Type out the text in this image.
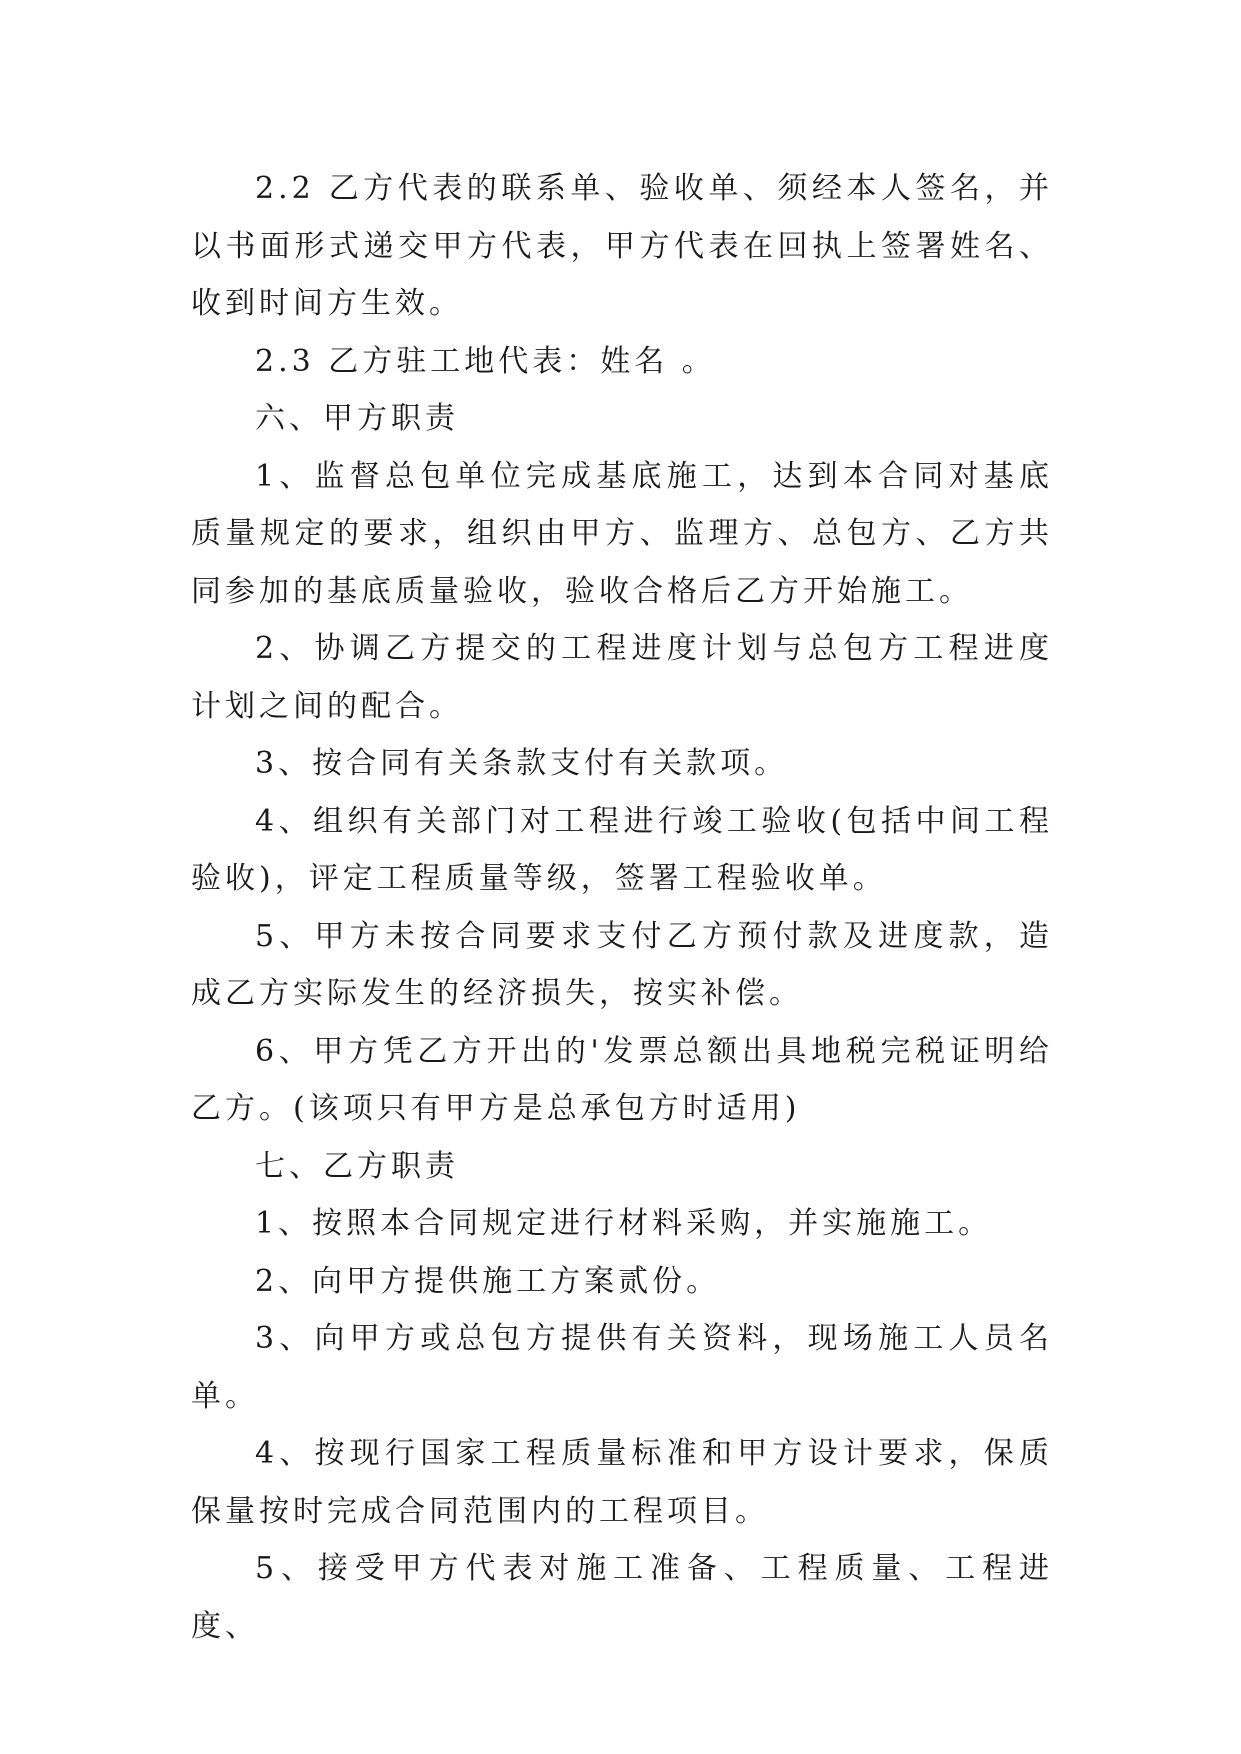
2.2 乙方代表的联系单、验收单、须经本人签名，并以书面形式递交甲方代表，甲方代表在回执上签署姓名、收到时间方生效。

2.3 乙方驻工地代表：姓名 。

六、甲方职责

1、监督总包单位完成基底施工，达到本合同对基底质量规定的要求，组织由甲方、监理方、总包方、乙方共同参加的基底质量验收，验收合格后乙方开始施工。

2、协调乙方提交的工程进度计划与总包方工程进度计划之间的配合。

3、按合同有关条款支付有关款项。

4、组织有关部门对工程进行竣工验收(包括中间工程验收)，评定工程质量等级，签署工程验收单。

5、甲方未按合同要求支付乙方预付款及进度款，造成乙方实际发生的经济损失，按实补偿。

6、甲方凭乙方开出的'发票总额出具地税完税证明给乙方。(该项只有甲方是总承包方时适用)

七、乙方职责

1、按照本合同规定进行材料采购，并实施施工。

2、向甲方提供施工方案贰份。

3、向甲方或总包方提供有关资料，现场施工人员名单。

4、按现行国家工程质量标准和甲方设计要求，保质保量按时完成合同范围内的工程项目。

5、接受甲方代表对施工准备、工程质量、工程进度、
